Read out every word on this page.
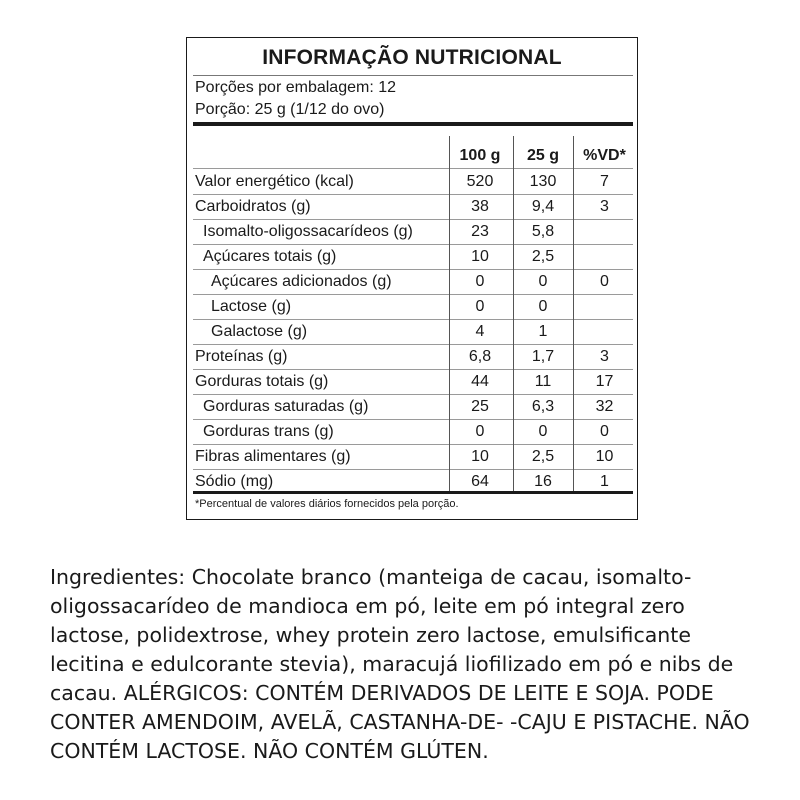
INFORMAÇÃO NUTRICIONAL
Porções por embalagem: 12
Porção: 25 g (1/12 do ovo)
100 g	25 g	%VD*
Valor energético (kcal)	520	130	7
Carboidratos (g)	38	9,4	3
Isomalto-oligossacarídeos (g)	23	5,8
Açúcares totais (g)	10	2,5
Açúcares adicionados (g)	0	0	0
Lactose (g)	0	0
Galactose (g)	4	1
Proteínas (g)	6,8	1,7	3
Gorduras totais (g)	44	11	17
Gorduras saturadas (g)	25	6,3	32
Gorduras trans (g)	0	0	0
Fibras alimentares (g)	10	2,5	10
Sódio (mg)	64	16	1
*Percentual de valores diários fornecidos pela porção.
Ingredientes: Chocolate branco (manteiga de cacau, isomalto-oligossacarídeo de mandioca em pó, leite em pó integral zero lactose, polidextrose, whey protein zero lactose, emulsificante lecitina e edulcorante stevia), maracujá liofilizado em pó e nibs de cacau. ALÉRGICOS: CONTÉM DERIVADOS DE LEITE E SOJA. PODE CONTER AMENDOIM, AVELÃ, CASTANHA-DE- -CAJU E PISTACHE. NÃO CONTÉM LACTOSE. NÃO CONTÉM GLÚTEN.
